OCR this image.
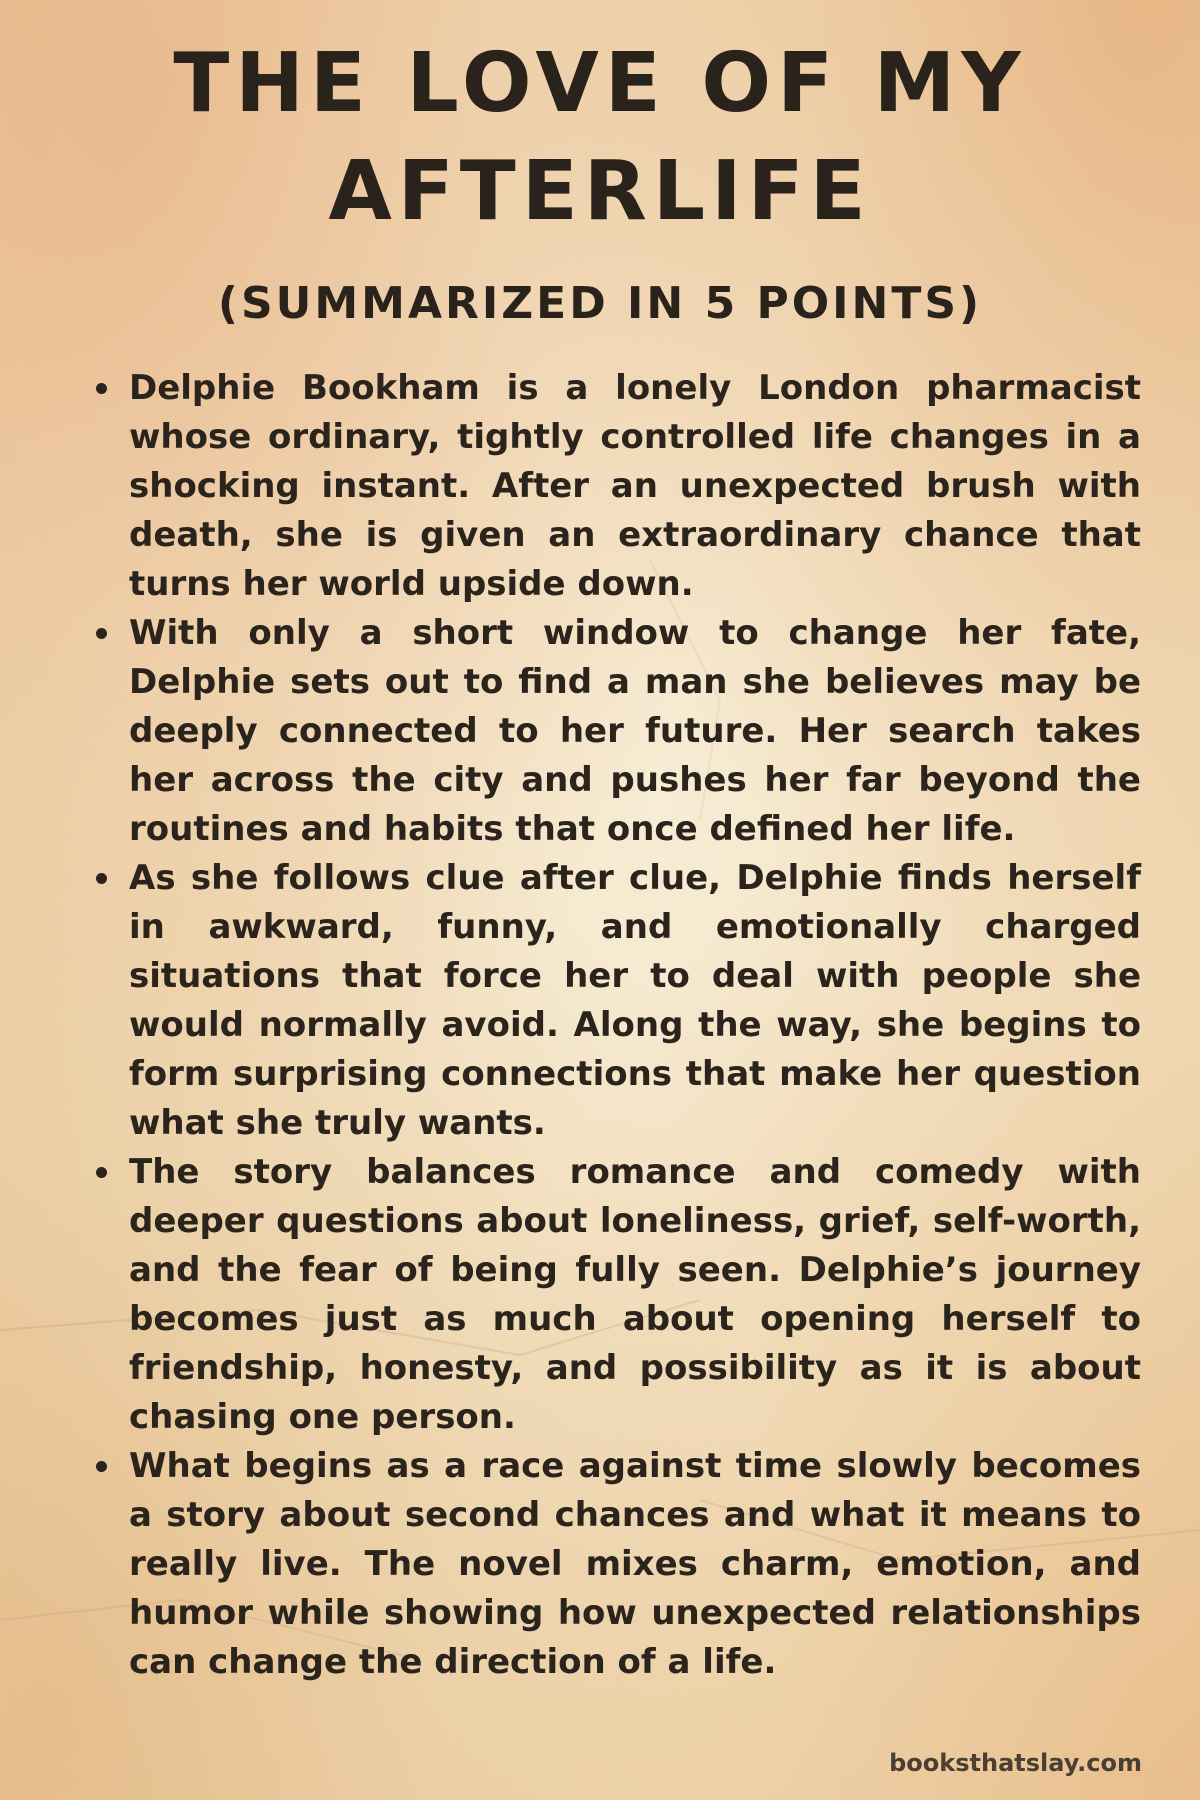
THE LOVE OF MY
AFTERLIFE
(SUMMARIZED IN 5 POINTS)
Delphie Bookham is a lonely London pharmacist whose ordinary, tightly controlled life changes in a shocking instant. After an unexpected brush with death, she is given an extraordinary chance that turns her world upside down.
With only a short window to change her fate, Delphie sets out to find a man she believes may be deeply connected to her future. Her search takes her across the city and pushes her far beyond the routines and habits that once defined her life.
As she follows clue after clue, Delphie finds herself in awkward, funny, and emotionally charged situations that force her to deal with people she would normally avoid. Along the way, she begins to form surprising connections that make her question what she truly wants.
The story balances romance and comedy with deeper questions about loneliness, grief, self-worth, and the fear of being fully seen. Delphie’s journey becomes just as much about opening herself to friendship, honesty, and possibility as it is about chasing one person.
What begins as a race against time slowly becomes a story about second chances and what it means to really live. The novel mixes charm, emotion, and humor while showing how unexpected relationships can change the direction of a life.
booksthatslay.com
